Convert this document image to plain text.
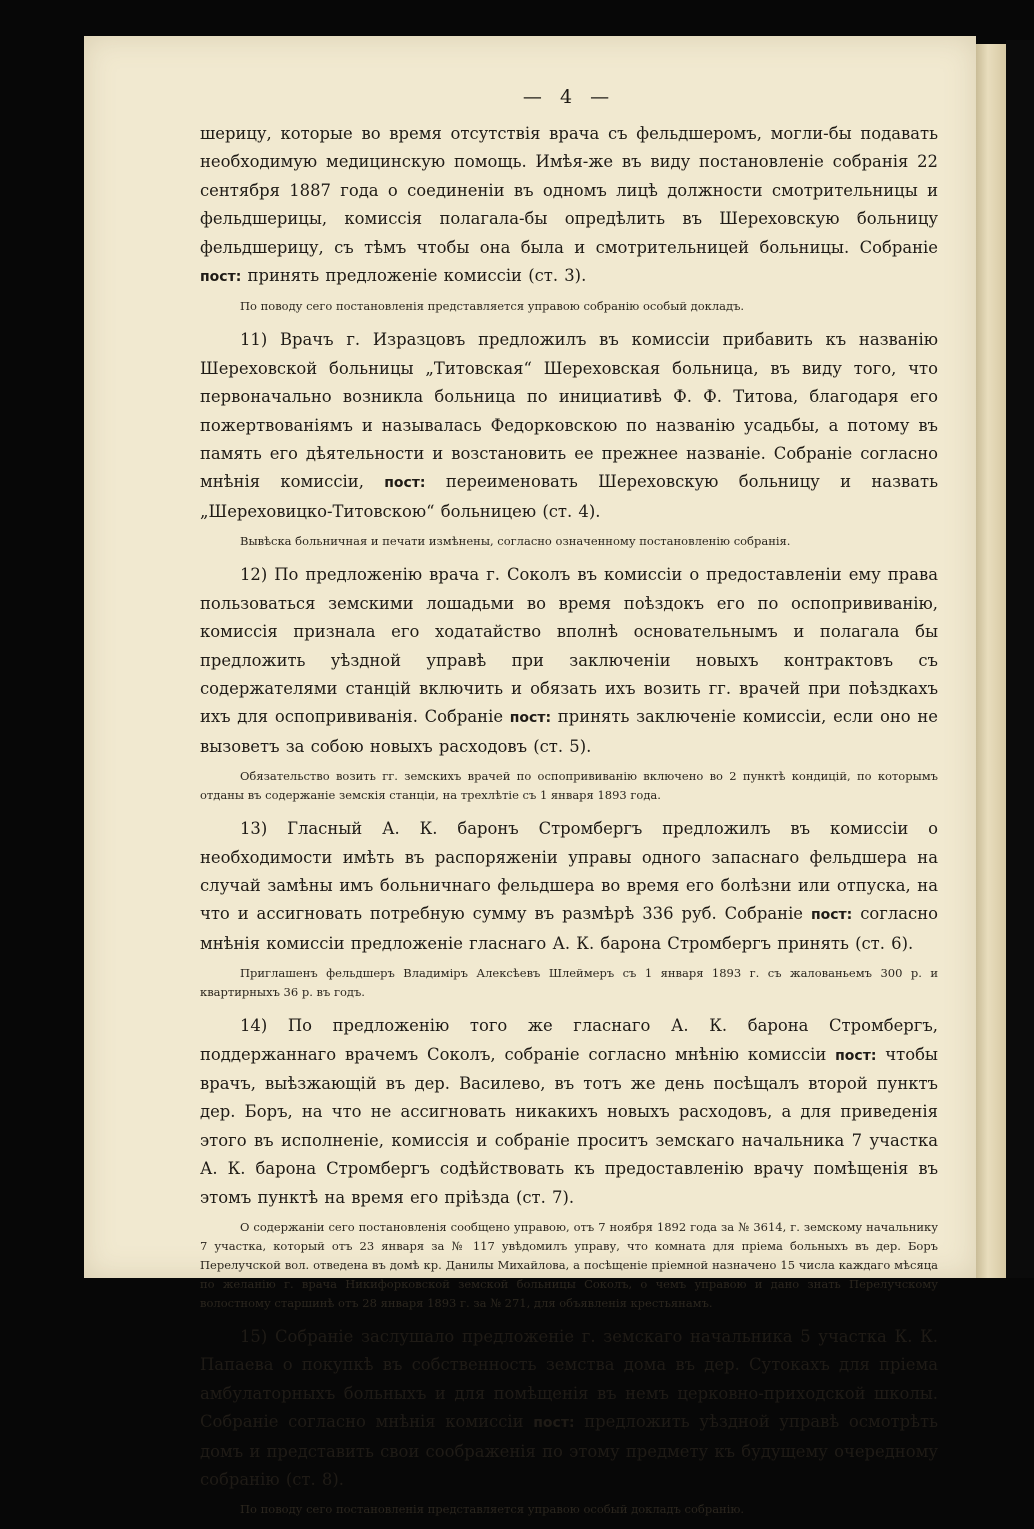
— 4 —

шерицу, которые во время отсутствія врача съ фельдшеромъ, могли-бы подавать необходимую медицинскую помощь. Имѣя-же въ виду постановленіе собранія 22 сентября 1887 года о соединеніи въ одномъ лицѣ должности смотрительницы и фельдшерицы, комиссія полагала-бы опредѣлить въ Шереховскую больницу фельдшерицу, съ тѣмъ чтобы она была и смотрительницей больницы. Собраніе пост: принять предложеніе комиссіи (ст. 3).

По поводу сего постановленія представляется управою собранію особый докладъ.

11) Врачъ г. Изразцовъ предложилъ въ комиссіи прибавить къ названію Шереховской больницы „Титовская“ Шереховская больница, въ виду того, что первоначально возникла больница по инициативѣ Ф. Ф. Титова, благодаря его пожертвованіямъ и называлась Федорковскою по названію усадьбы, а потому въ память его дѣятельности и возстановить ее прежнее названіе. Собраніе согласно мнѣнія комиссіи, пост: переименовать Шереховскую больницу и назвать „Шереховицко-Титовскою“ больницею (ст. 4).

Вывѣска больничная и печати измѣнены, согласно означенному постановленію собранія.

12) По предложенію врача г. Соколъ въ комиссіи о предоставленіи ему права пользоваться земскими лошадьми во время поѣздокъ его по оспопрививанію, комиссія признала его ходатайство вполнѣ основательнымъ и полагала бы предложить уѣздной управѣ при заключеніи новыхъ контрактовъ съ содержателями станцій включить и обязать ихъ возить гг. врачей при поѣздкахъ ихъ для оспопрививанія. Собраніе пост: принять заключеніе комиссіи, если оно не вызоветъ за собою новыхъ расходовъ (ст. 5).

Обязательство возить гг. земскихъ врачей по оспопрививанію включено во 2 пунктѣ кондицій, по которымъ отданы въ содержаніе земскія станціи, на трехлѣтіе съ 1 января 1893 года.

13) Гласный А. К. баронъ Стромбергъ предложилъ въ комиссіи о необходимости имѣть въ распоряженіи управы одного запаснаго фельдшера на случай замѣны имъ больничнаго фельдшера во время его болѣзни или отпуска, на что и ассигновать потребную сумму въ размѣрѣ 336 руб. Собраніе пост: согласно мнѣнія комиссіи предложеніе гласнаго А. К. барона Стромбергъ принять (ст. 6).

Приглашенъ фельдшеръ Владиміръ Алексѣевъ Шлеймеръ съ 1 января 1893 г. съ жалованьемъ 300 р. и квартирныхъ 36 р. въ годъ.

14) По предложенію того же гласнаго А. К. барона Стромбергъ, поддержаннаго врачемъ Соколъ, собраніе согласно мнѣнію комиссіи пост: чтобы врачъ, выѣзжающій въ дер. Василево, въ тотъ же день посѣщалъ второй пунктъ дер. Боръ, на что не ассигновать никакихъ новыхъ расходовъ, а для приведенія этого въ исполненіе, комиссія и собраніе проситъ земскаго начальника 7 участка А. К. барона Стромбергъ содѣйствовать къ предоставленію врачу помѣщенія въ этомъ пунктѣ на время его пріѣзда (ст. 7).

О содержаніи сего постановленія сообщено управою, отъ 7 ноября 1892 года за № 3614, г. земскому начальнику 7 участка, который отъ 23 января за № 117 увѣдомилъ управу, что комната для пріема больныхъ въ дер. Боръ Перелучской вол. отведена въ домѣ кр. Данилы Михайлова, а посѣщеніе пріемной назначено 15 числа каждаго мѣсяца по желанію г. врача Никифорковской земской больницы Соколъ, о чемъ управою и дано знать Перелучскому волостному старшинѣ отъ 28 января 1893 г. за № 271, для объявленія крестьянамъ.

15) Собраніе заслушало предложеніе г. земскаго начальника 5 участка К. К. Папаева о покупкѣ въ собственность земства дома въ дер. Сутокахъ для пріема амбулаторныхъ больныхъ и для помѣщенія въ немъ церковно-приходской школы. Собраніе согласно мнѣнія комиссіи пост: предложить уѣздной управѣ осмотрѣть домъ и представить свои соображенія по этому предмету къ будущему очередному собранію (ст. 8).

По поводу сего постановленія представляется управою особый докладъ собранію.
